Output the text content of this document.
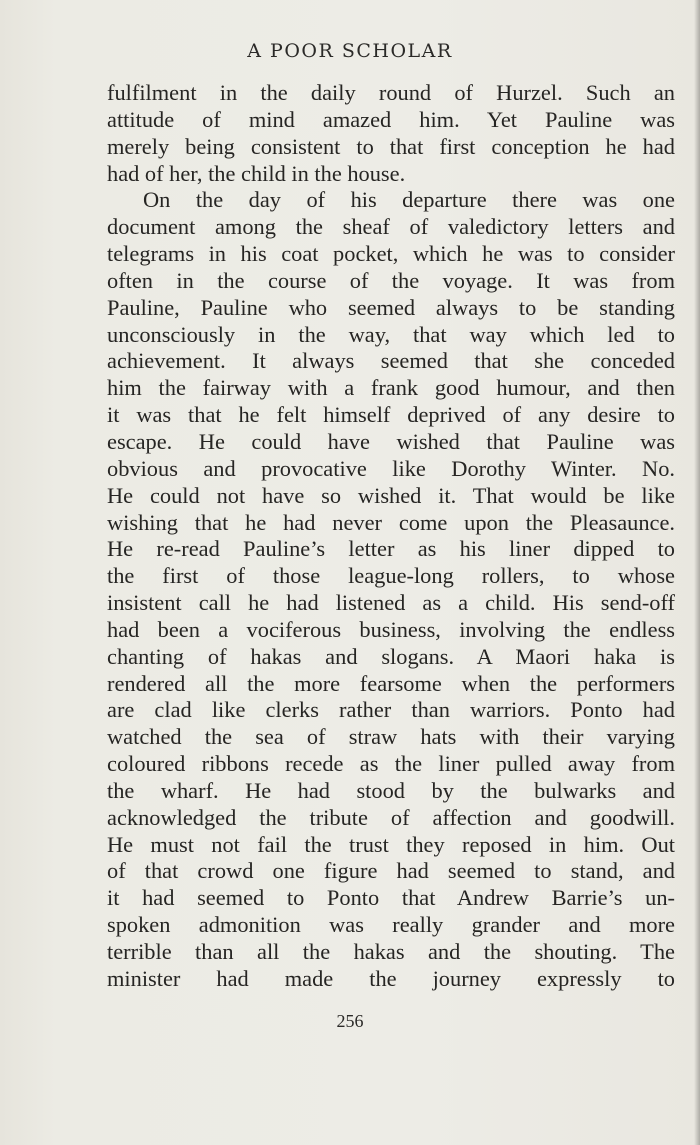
A POOR SCHOLAR
fulfilment in the daily round of Hurzel. Such an
attitude of mind amazed him. Yet Pauline was
merely being consistent to that first conception he had
had of her, the child in the house.
On the day of his departure there was one
document among the sheaf of valedictory letters and
telegrams in his coat pocket, which he was to consider
often in the course of the voyage. It was from
Pauline, Pauline who seemed always to be standing
unconsciously in the way, that way which led to
achievement. It always seemed that she conceded
him the fairway with a frank good humour, and then
it was that he felt himself deprived of any desire to
escape. He could have wished that Pauline was
obvious and provocative like Dorothy Winter. No.
He could not have so wished it. That would be like
wishing that he had never come upon the Pleasaunce.
He re-read Pauline’s letter as his liner dipped to
the first of those league-long rollers, to whose
insistent call he had listened as a child. His send-off
had been a vociferous business, involving the endless
chanting of hakas and slogans. A Maori haka is
rendered all the more fearsome when the performers
are clad like clerks rather than warriors. Ponto had
watched the sea of straw hats with their varying
coloured ribbons recede as the liner pulled away from
the wharf. He had stood by the bulwarks and
acknowledged the tribute of affection and goodwill.
He must not fail the trust they reposed in him. Out
of that crowd one figure had seemed to stand, and
it had seemed to Ponto that Andrew Barrie’s un-
spoken admonition was really grander and more
terrible than all the hakas and the shouting. The
minister had made the journey expressly to
256
